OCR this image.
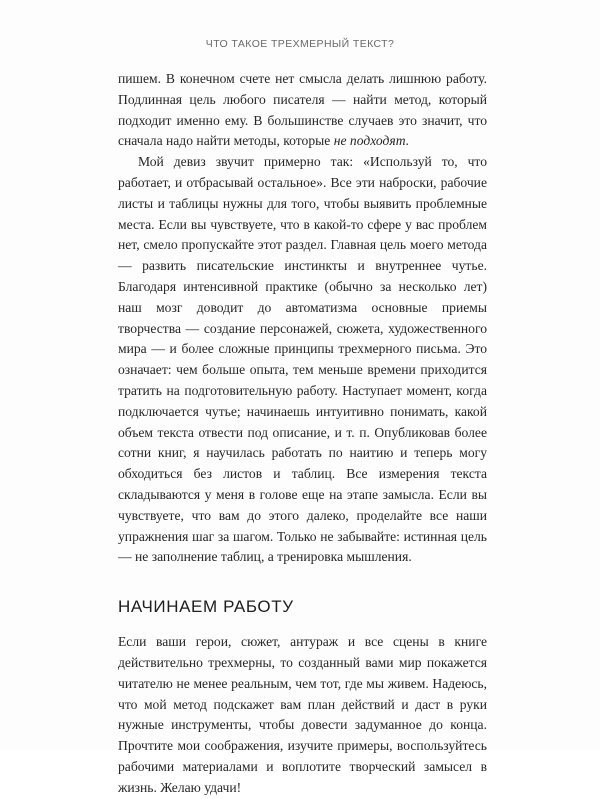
ЧТО ТАКОЕ ТРЕХМЕРНЫЙ ТЕКСТ?

пишем. В конечном счете нет смысла делать лишнюю работу. Подлинная цель любого писателя — найти метод, который подходит именно ему. В большинстве случаев это значит, что сначала надо найти методы, которые не подходят.

Мой девиз звучит примерно так: «Используй то, что работает, и отбрасывай остальное». Все эти наброски, рабочие листы и таблицы нужны для того, чтобы выявить проблемные места. Если вы чувствуете, что в какой-то сфере у вас проблем нет, смело пропускайте этот раздел. Главная цель моего метода — развить писательские инстинкты и внутреннее чутье. Благодаря интенсивной практике (обычно за несколько лет) наш мозг доводит до автоматизма основные приемы творчества — создание персонажей, сюжета, художественного мира — и более сложные принципы трехмерного письма. Это означает: чем больше опыта, тем меньше времени приходится тратить на подготовительную работу. Наступает момент, когда подключается чутье; начинаешь интуитивно понимать, какой объем текста отвести под описание, и т. п. Опубликовав более сотни книг, я научилась работать по наитию и теперь могу обходиться без листов и таблиц. Все измерения текста складываются у меня в голове еще на этапе замысла. Если вы чувствуете, что вам до этого далеко, проделайте все наши упражнения шаг за шагом. Только не забывайте: истинная цель — не заполнение таблиц, а тренировка мышления.

НАЧИНАЕМ РАБОТУ

Если ваши герои, сюжет, антураж и все сцены в книге действительно трехмерны, то созданный вами мир покажется читателю не менее реальным, чем тот, где мы живем. Надеюсь, что мой метод подскажет вам план действий и даст в руки нужные инструменты, чтобы довести задуманное до конца. Прочтите мои соображения, изучите примеры, воспользуйтесь рабочими материалами и воплотите творческий замысел в жизнь. Желаю удачи!
